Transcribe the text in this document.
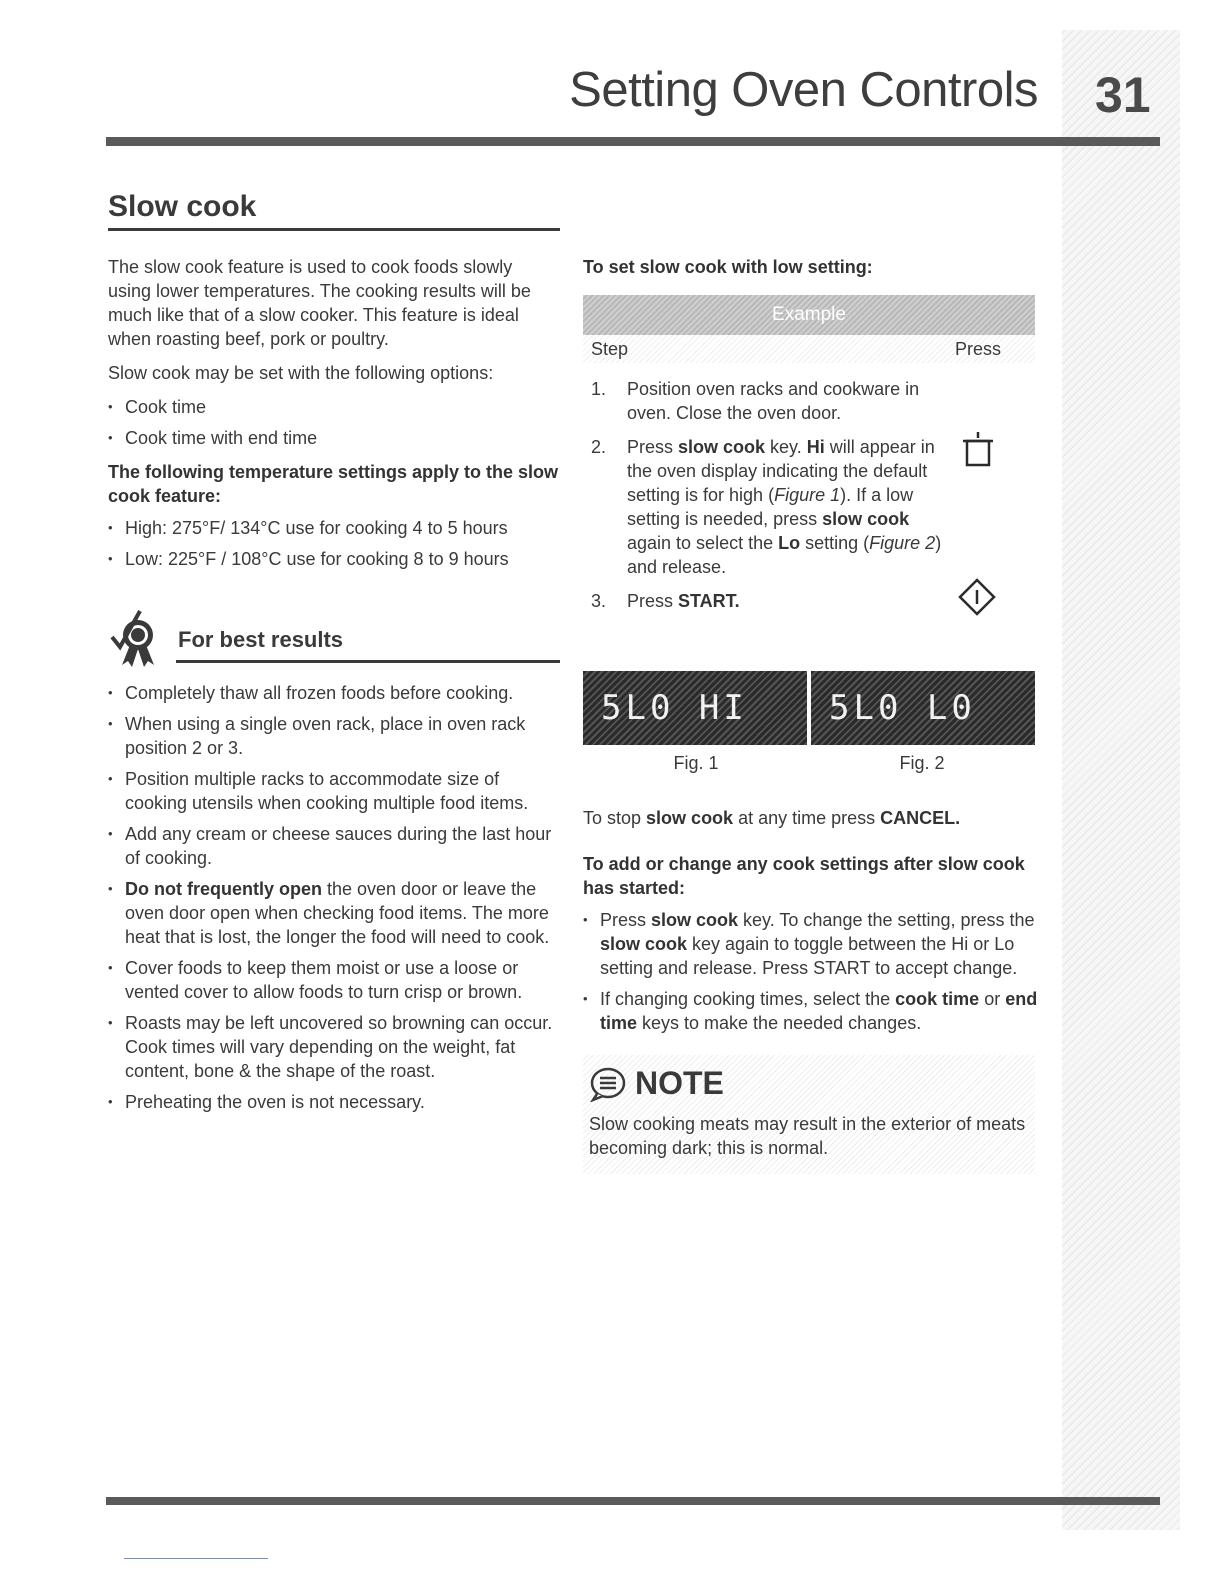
Setting Oven Controls 31
Slow cook

The slow cook feature is used to cook foods slowly using lower temperatures. The cooking results will be much like that of a slow cooker. This feature is ideal when roasting beef, pork or poultry.

Slow cook may be set with the following options:

• Cook time
• Cook time with end time
The following temperature settings apply to the slow cook feature:
• High: 275°F/ 134°C use for cooking 4 to 5 hours
• Low: 225°F / 108°C use for cooking 8 to 9 hours
For best results
• Completely thaw all frozen foods before cooking.
• When using a single oven rack, place in oven rack position 2 or 3.
• Position multiple racks to accommodate size of cooking utensils when cooking multiple food items.
• Add any cream or cheese sauces during the last hour of cooking.
• Do not frequently open the oven door or leave the oven door open when checking food items. The more heat that is lost, the longer the food will need to cook.
• Cover foods to keep them moist or use a loose or vented cover to allow foods to turn crisp or brown.
• Roasts may be left uncovered so browning can occur. Cook times will vary depending on the weight, fat content, bone & the shape of the roast.
• Preheating the oven is not necessary.
To set slow cook with low setting:
Example
Step	Press
1.	Position oven racks and cookware in oven. Close the oven door.
2.	Press slow cook key. Hi will appear in the oven display indicating the default setting is for high (Figure 1). If a low setting is needed, press slow cook again to select the Lo setting (Figure 2) and release.
3.	Press START.
5L0 HI	5L0 L0
Fig. 1	Fig. 2

To stop slow cook at any time press CANCEL.

To add or change any cook settings after slow cook has started:
• Press slow cook key. To change the setting, press the slow cook key again to toggle between the Hi or Lo setting and release. Press START to accept change.
• If changing cooking times, select the cook time or end time keys to make the needed changes.
NOTE

Slow cooking meats may result in the exterior of meats becoming dark; this is normal.
